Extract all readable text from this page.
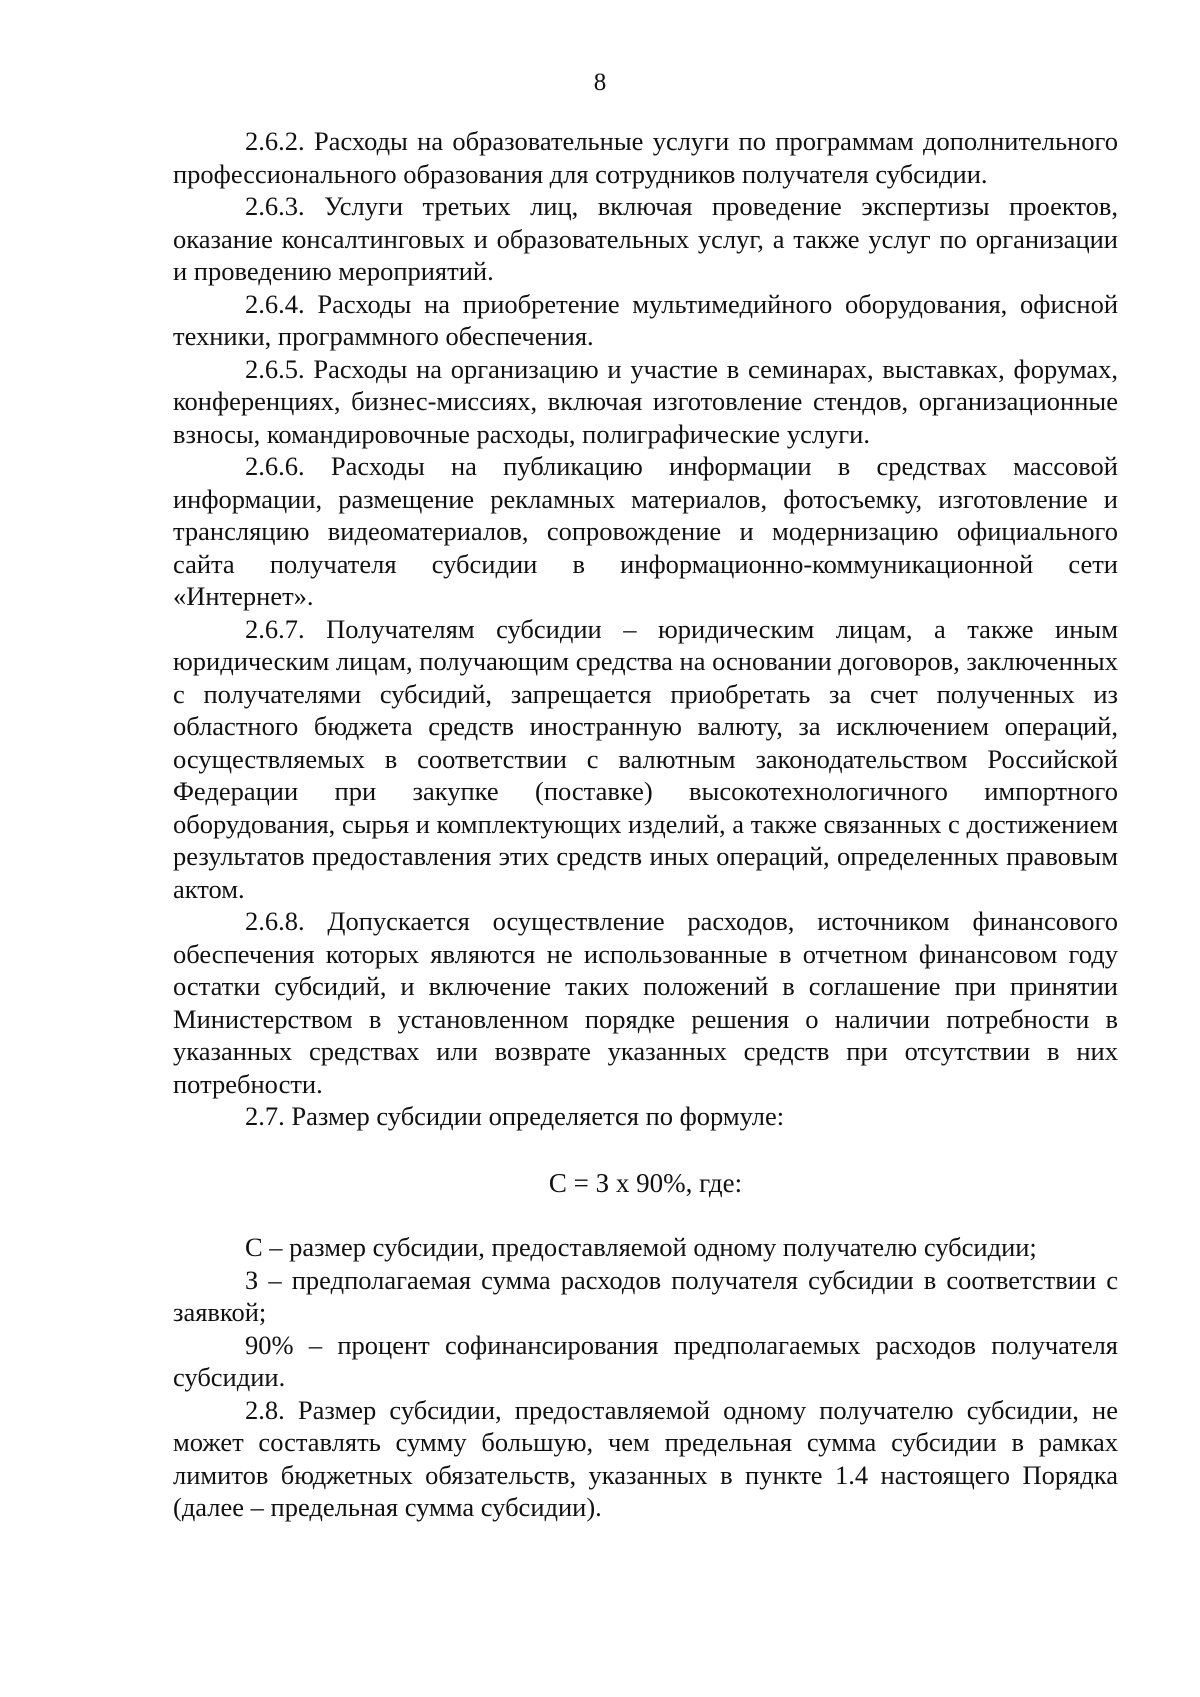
8

2.6.2. Расходы на образовательные услуги по программам дополнительного профессионального образования для сотрудников получателя субсидии.

2.6.3. Услуги третьих лиц, включая проведение экспертизы проектов, оказание консалтинговых и образовательных услуг, а также услуг по организации и проведению мероприятий.

2.6.4. Расходы на приобретение мультимедийного оборудования, офисной техники, программного обеспечения.

2.6.5. Расходы на организацию и участие в семинарах, выставках, форумах, конференциях, бизнес-миссиях, включая изготовление стендов, организационные взносы, командировочные расходы, полиграфические услуги.

2.6.6. Расходы на публикацию информации в средствах массовой информации, размещение рекламных материалов, фотосъемку, изготовление и трансляцию видеоматериалов, сопровождение и модернизацию официального сайта получателя субсидии в информационно-коммуникационной сети «Интернет».

2.6.7. Получателям субсидии – юридическим лицам, а также иным юридическим лицам, получающим средства на основании договоров, заключенных с получателями субсидий, запрещается приобретать за счет полученных из областного бюджета средств иностранную валюту, за исключением операций, осуществляемых в соответствии с валютным законодательством Российской Федерации при закупке (поставке) высокотехнологичного импортного оборудования, сырья и комплектующих изделий, а также связанных с достижением результатов предоставления этих средств иных операций, определенных правовым актом.

2.6.8. Допускается осуществление расходов, источником финансового обеспечения которых являются не использованные в отчетном финансовом году остатки субсидий, и включение таких положений в соглашение при принятии Министерством в установленном порядке решения о наличии потребности в указанных средствах или возврате указанных средств при отсутствии в них потребности.

2.7. Размер субсидии определяется по формуле:

С = З х 90%, где:

С – размер субсидии, предоставляемой одному получателю субсидии;

З – предполагаемая сумма расходов получателя субсидии в соответствии с заявкой;

90% – процент софинансирования предполагаемых расходов получателя субсидии.

2.8. Размер субсидии, предоставляемой одному получателю субсидии, не может составлять сумму большую, чем предельная сумма субсидии в рамках лимитов бюджетных обязательств, указанных в пункте 1.4 настоящего Порядка (далее – предельная сумма субсидии).
